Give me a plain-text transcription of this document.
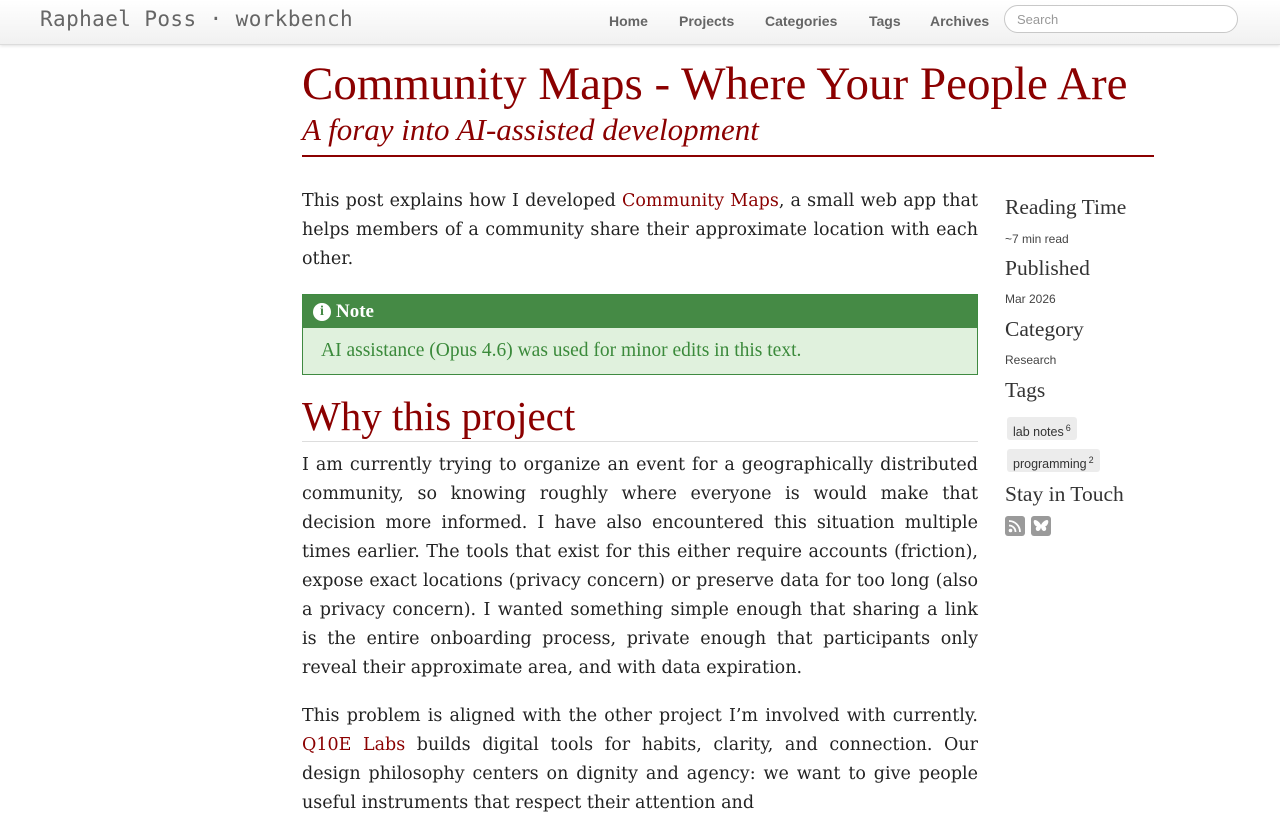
Raphael Poss · workbench	Home Projects Categories Tags Archives
Search
Community Maps - Where Your People Are

A foray into AI-assisted development

This post explains how I developed Community Maps, a small web app that helps members of a community share their approximate location with each other.

i Note
AI assistance (Opus 4.6) was used for minor edits in this text.
Why this project

I am currently trying to organize an event for a geographically distributed community, so knowing roughly where everyone is would make that decision more informed. I have also encountered this situation multiple times earlier. The tools that exist for this either require accounts (friction), expose exact locations (privacy concern) or preserve data for too long (also a privacy concern). I wanted something simple enough that sharing a link is the entire onboarding process, private enough that participants only reveal their approximate area, and with data expiration.

This problem is aligned with the other project I’m involved with currently. Q10E Labs builds digital tools for habits, clarity, and connection. Our design philosophy centers on dignity and agency: we want to give people useful instruments that respect their attention and

Reading Time
~7 min read
Published
Mar 2026
Category
Research
Tags
lab notes $^6$
programming $^2$
Stay in Touch
